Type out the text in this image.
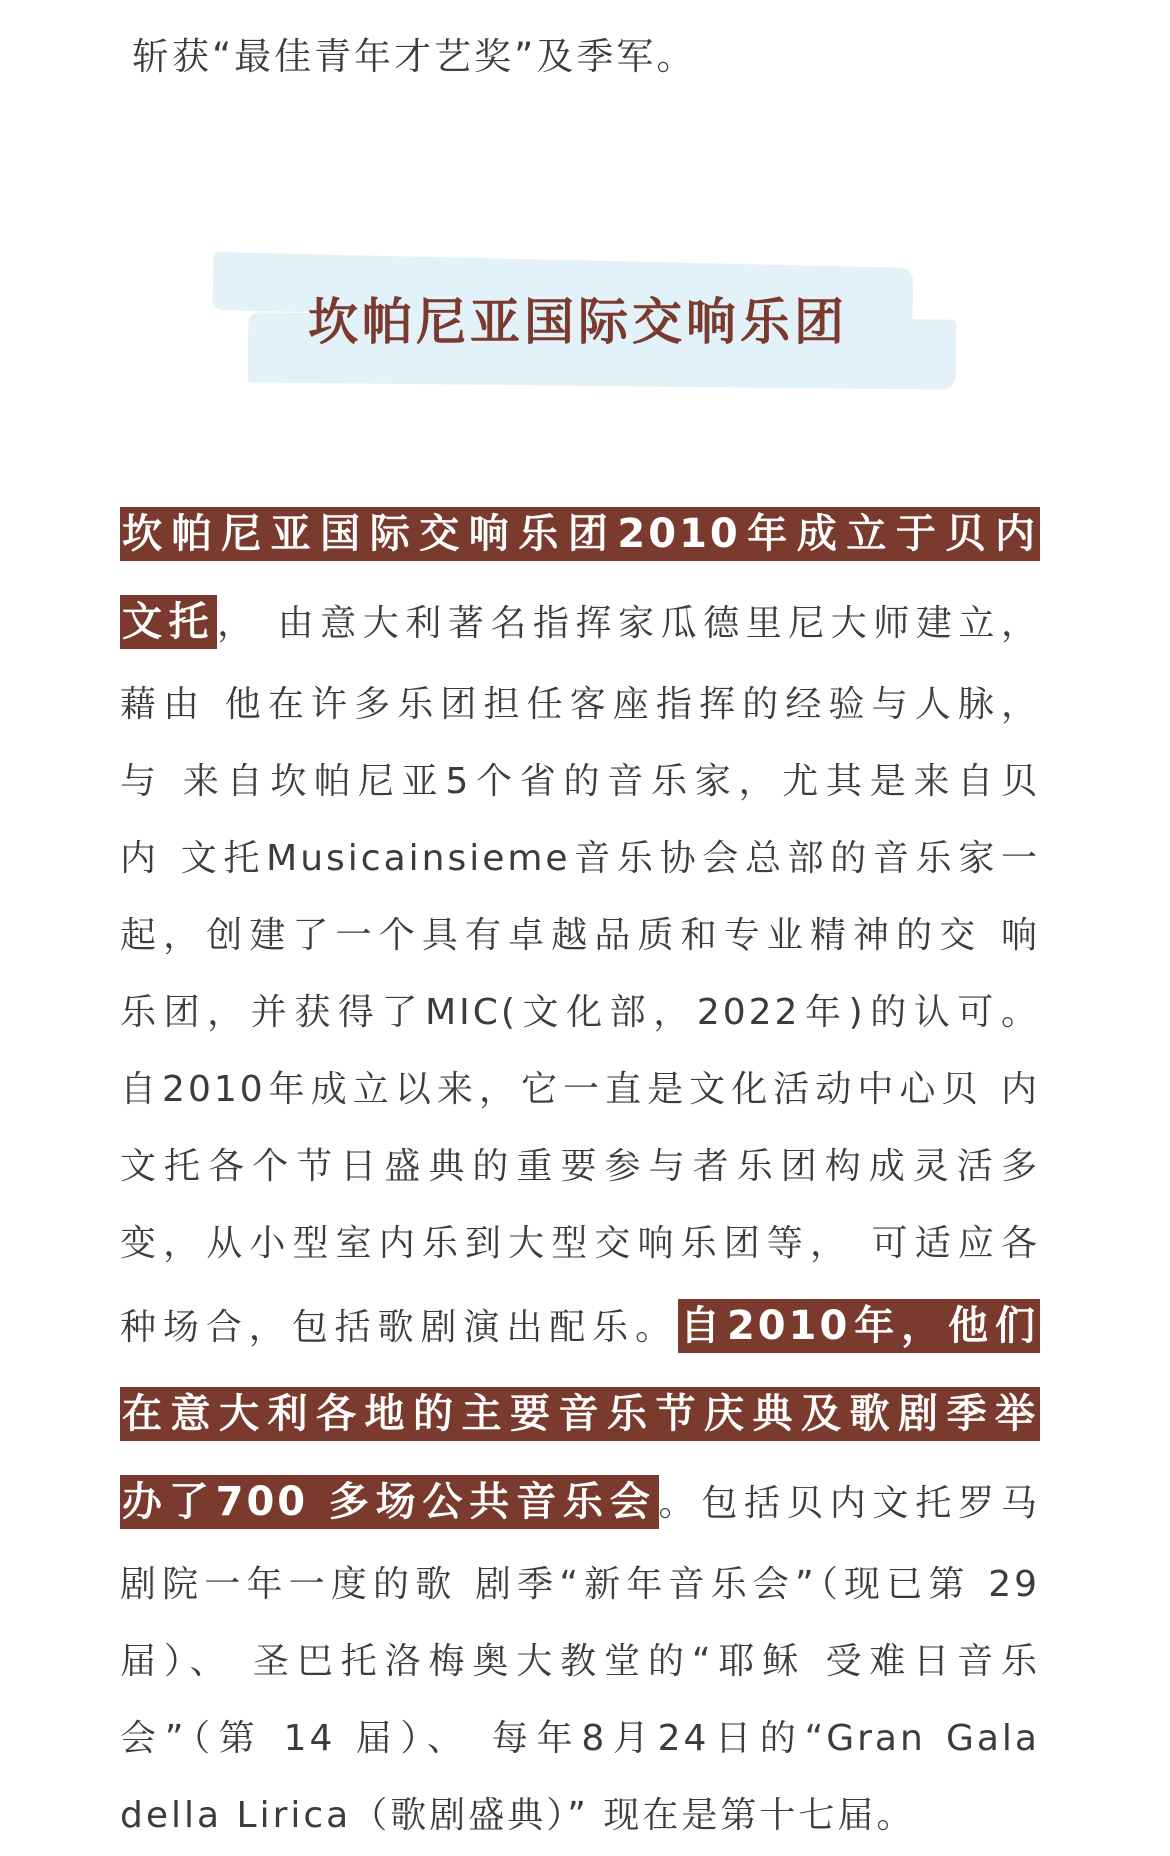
斩获“最佳青年才艺奖”及季军。
坎帕尼亚国际交响乐团
坎帕尼亚国际交响乐团2010年成立于贝内
文托， 由意大利著名指挥家瓜德里尼大师建立，
藉由 他在许多乐团担任客座指挥的经验与人脉，
与 来自坎帕尼亚5个省的音乐家，尤其是来自贝
内 文托Musicainsieme音乐协会总部的音乐家一
起，创建了一个具有卓越品质和专业精神的交 响
乐团，并获得了MIC(文化部，2022年)的认可。
自2010年成立以来，它一直是文化活动中心贝 内
文托各个节日盛典的重要参与者乐团构成灵活多
变，从小型室内乐到大型交响乐团等， 可适应各
种场合，包括歌剧演出配乐。自2010年，他们
在意大利各地的主要音乐节庆典及歌剧季举
办了700 多场公共音乐会。包括贝内文托罗马
剧院一年一度的歌 剧季“新年音乐会”（现已第 29
届）、 圣巴托洛梅奥大教堂的“耶稣 受难日音乐
会”（第 14 届）、 每年8月24日的“Gran Gala
della Lirica（歌剧盛典）” 现在是第十七届。
